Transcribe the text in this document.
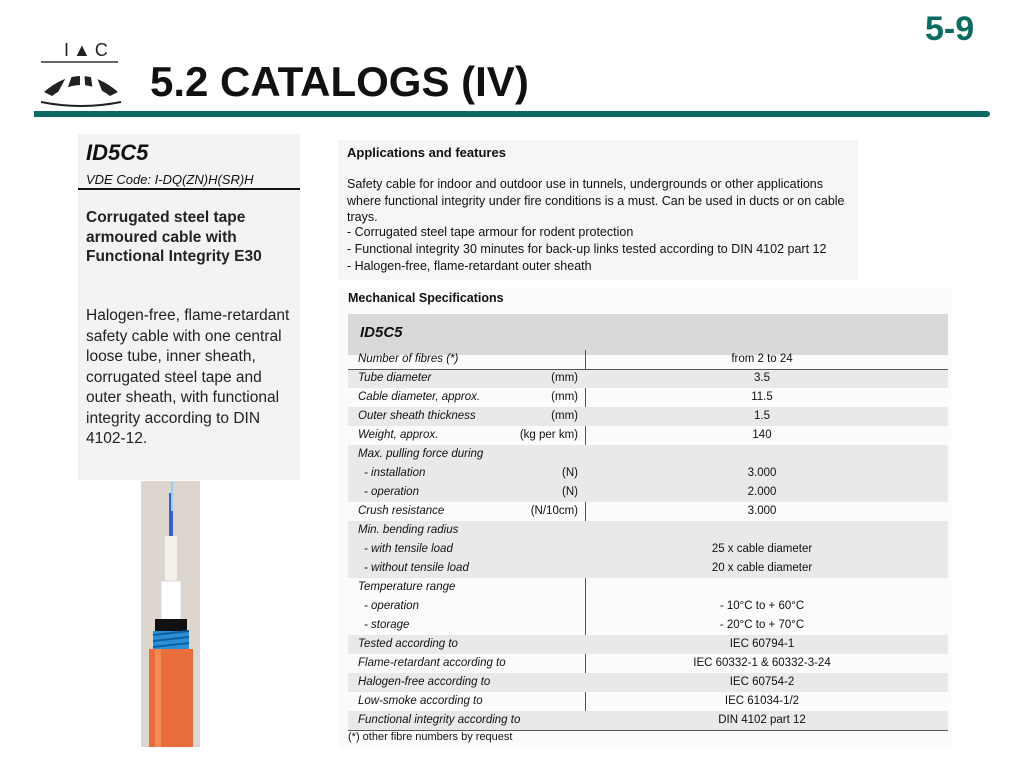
5-9
I▲C
5.2 CATALOGS (IV)
ID5C5
VDE Code: I-DQ(ZN)H(SR)H
Corrugated steel tape armoured cable with Functional Integrity E30
Halogen-free, flame-retardant safety cable with one central loose tube, inner sheath, corrugated steel tape and outer sheath, with functional integrity according to DIN 4102-12.
Applications and features
Safety cable for indoor and outdoor use in tunnels, undergrounds or other applications where functional integrity under fire conditions is a must. Can be used in ducts or on cable trays.
- Corrugated steel tape armour for rodent protection
- Functional integrity 30 minutes for back-up links tested according to DIN 4102 part 12
- Halogen-free, flame-retardant outer sheath
Mechanical Specifications
ID5C5
Number of fibres (*)	from 2 to 24
Tube diameter	(mm)	3.5
Cable diameter, approx.	(mm)	11.5
Outer sheath thickness	(mm)	1.5
Weight, approx.	(kg per km)	140
Max. pulling force during
- installation	(N)	3.000
- operation	(N)	2.000
Crush resistance	(N/10cm)	3.000
Min. bending radius
- with tensile load	25 x cable diameter
- without tensile load	20 x cable diameter
Temperature range
- operation	- 10°C to + 60°C
- storage	- 20°C to + 70°C
Tested according to	IEC 60794-1
Flame-retardant according to	IEC 60332-1 & 60332-3-24
Halogen-free according to	IEC 60754-2
Low-smoke according to	IEC 61034-1/2
Functional integrity according to	DIN 4102 part 12
(*) other fibre numbers by request
